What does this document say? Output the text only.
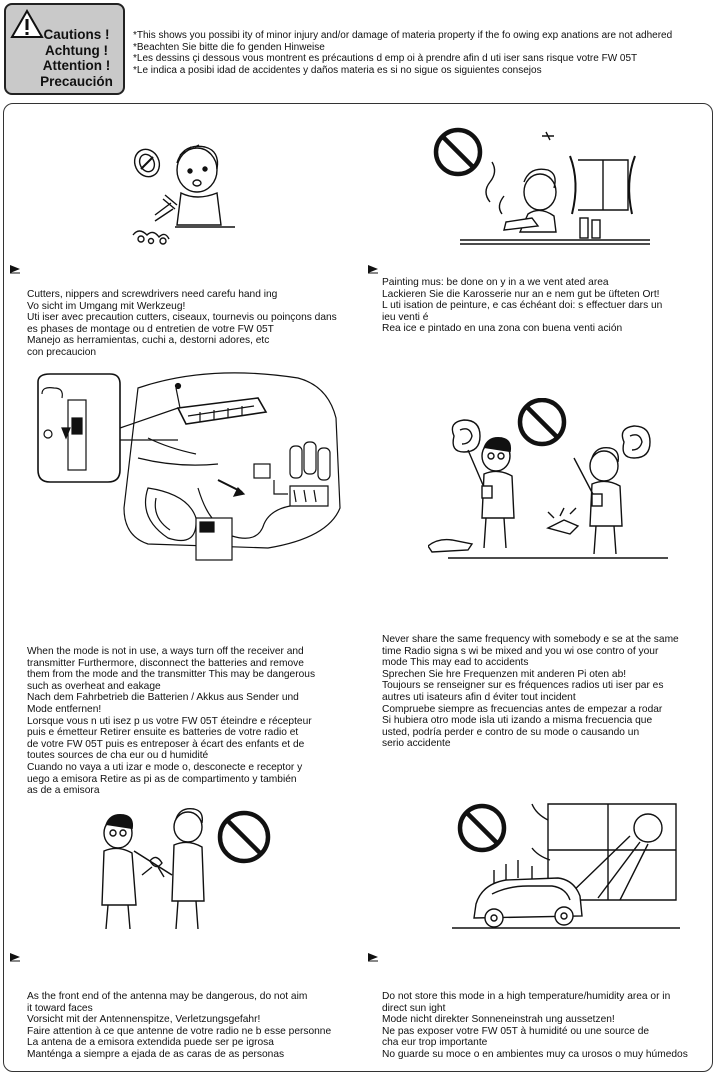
Cautions !
Achtung !
Attention !
Precaución
*This shows you possibi ity of minor injury and/or damage of materia property if the fo owing exp anations are not adhered
*Beachten Sie bitte die fo genden Hinweise
*Les dessins çi dessous vous montrent es précautions d emp oi à prendre afin d uti iser sans risque votre FW 05T
*Le indica a posibi idad de accidentes y daños materia es si no sigue os siguientes consejos
Cutters, nippers and screwdrivers need carefu hand ing
Vo sicht im Umgang mit Werkzeug!
Uti iser avec precaution cutters, ciseaux, tournevis ou poinçons dans
es phases de montage ou d entretien de votre FW 05T
Manejo as herramientas, cuchi a, destorni adores, etc
con precaucion
Painting mus: be done on y in a we vent ated area
Lackieren Sie die Karosserie nur an e nem gut be üfteten Ort!
L uti isation de peinture, e cas échéant doi: s effectuer dars un
ieu venti é
Rea ice e pintado en una zona con buena venti ación
When the mode is not in use, a ways turn off the receiver and
transmitter Furthermore, disconnect the batteries and remove
them from the mode and the transmitter This may be dangerous
such as overheat and eakage
Nach dem Fahrbetrieb die Batterien / Akkus aus Sender und
Mode entfernen!
Lorsque vous n uti isez p us votre FW 05T éteindre e récepteur
puis e émetteur Retirer ensuite es batteries de votre radio et
de votre FW 05T puis es entreposer à écart des enfants et de
toutes sources de cha eur ou d humidité
Cuando no vaya a uti izar e mode o, desconecte e receptor y
uego a emisora Retire as pi as de compartimento y también
as de a emisora
Never share the same frequency with somebody e se at the same
time Radio signa s wi be mixed and you wi ose contro of your
mode This may ead to accidents
Sprechen Sie hre Frequenzen mit anderen Pi oten ab!
Toujours se renseigner sur es fréquences radios uti iser par es
autres uti isateurs afin d éviter tout incident
Compruebe siempre as frecuencias antes de empezar a rodar
Si hubiera otro mode isla uti izando a misma frecuencia que
usted, podría perder e contro de su mode o causando un
serio accidente
As the front end of the antenna may be dangerous, do not aim
it toward faces
Vorsicht mit der Antennenspitze, Verletzungsgefahr!
Faire attention à ce que antenne de votre radio ne b esse personne
La antena de a emisora extendida puede ser pe igrosa
Manténga a siempre a ejada de as caras de as personas
Do not store this mode in a high temperature/humidity area or in
direct sun ight
Mode nicht direkter Sonneneinstrah ung aussetzen!
Ne pas exposer votre FW 05T à humidité ou une source de
cha eur trop importante
No guarde su moce o en ambientes muy ca urosos o muy húmedos
